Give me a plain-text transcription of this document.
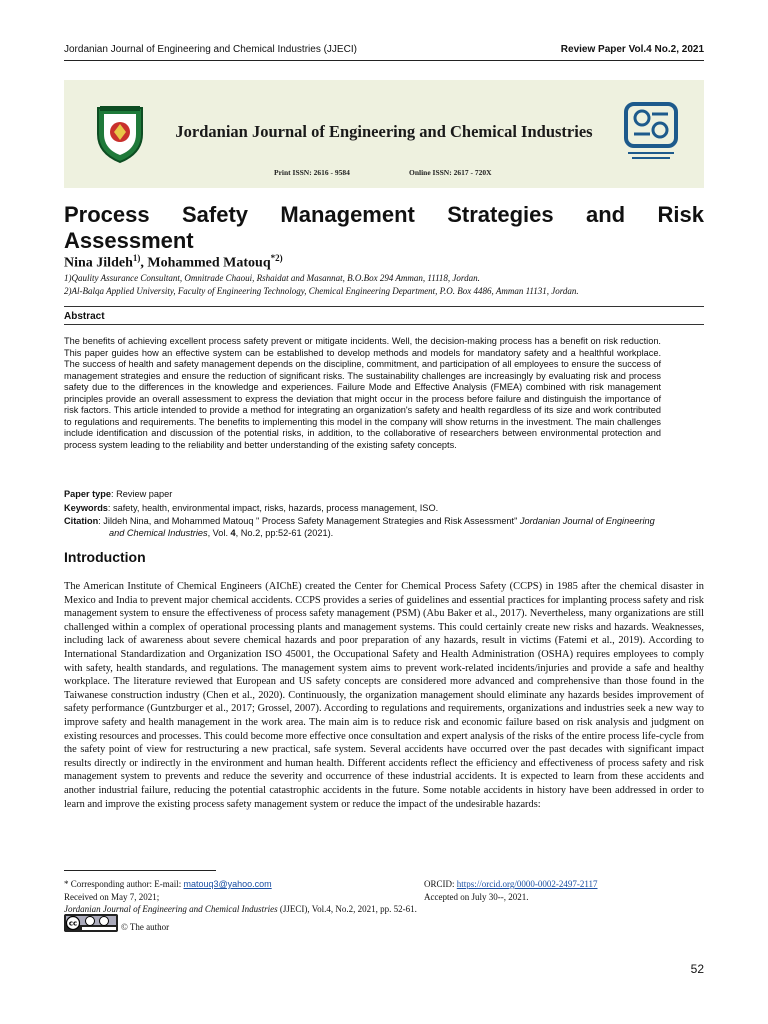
Jordanian Journal of Engineering and Chemical Industries (JJECI)	Review Paper Vol.4 No.2, 2021
Jordanian Journal of Engineering and Chemical Industries
Print ISSN: 2616 - 9584	Online ISSN: 2617 - 720X
Process Safety Management Strategies and Risk
Assessment
Nina Jildeh$^{1)}$, Mohammed Matouq$^{*2)}$
1)Qaulity Assurance Consultant, Omnitrade Chaoui, Rshaidat and Masannat, B.O.Box 294 Amman, 11118, Jordan.
2)Al-Balqa Applied University, Faculty of Engineering Technology, Chemical Engineering Department, P.O. Box 4486, Amman 11131, Jordan.
Abstract
The benefits of achieving excellent process safety prevent or mitigate incidents. Well, the decision-making process has a benefit on risk reduction. This paper guides how an effective system can be established to develop methods and models for mandatory safety and a healthful workplace. The success of health and safety management depends on the discipline, commitment, and participation of all employees to ensure the success of management strategies and ensure the reduction of significant risks. The sustainability challenges are increasingly by evaluating risk and process safety due to the differences in the knowledge and experiences. Failure Mode and Effective Analysis (FMEA) combined with risk management principles provide an overall assessment to express the deviation that might occur in the process before failure and distinguish the importance of risk factors. This article intended to provide a method for integrating an organization's safety and health regardless of its size and work contributed to regulations and requirements. The benefits to implementing this model in the company will show returns in the investment. The main challenges include identification and discussion of the potential risks, in addition, to the collaborative of researchers between environmental protection and process system leading to the reliability and better understanding of the existing safety concepts.
Paper type: Review paper
Keywords: safety, health, environmental impact, risks, hazards, process management, ISO.
Citation: Jildeh Nina, and Mohammed Matouq " Process Safety Management Strategies and Risk Assessment" Jordanian Journal of Engineering
and Chemical Industries, Vol. 4, No.2, pp:52-61 (2021).
Introduction
The American Institute of Chemical Engineers (AIChE) created the Center for Chemical Process Safety (CCPS) in 1985 after the chemical disaster in Mexico and India to prevent major chemical accidents. CCPS provides a series of guidelines and essential practices for implanting process safety and risk management system to ensure the effectiveness of process safety management (PSM) (Abu Baker et al., 2017). Nevertheless, many organizations are still challenged within a complex of operational processing plants and management systems. This could certainly create new risks and hazards. Weaknesses, including lack of awareness about severe chemical hazards and poor preparation of any hazards, result in victims (Fatemi et al., 2019). According to International Standardization and Organization ISO 45001, the Occupational Safety and Health Administration (OSHA) requires employees to comply with safety, health standards, and regulations. The management system aims to prevent work-related incidents/injuries and provide a safe and healthy workplace. The literature reviewed that European and US safety concepts are considered more advanced and comprehensive than those found in the Taiwanese construction industry (Chen et al., 2020). Continuously, the organization management should eliminate any hazards besides improvement of safety performance (Guntzburger et al., 2017; Grossel, 2007). According to regulations and requirements, organizations and industries seek a new way to improve safety and health management in the work area. The main aim is to reduce risk and economic failure based on risk analysis and judgment on existing resources and processes. This could become more effective once consultation and expert analysis of the risks of the entire process life-cycle from the safety point of view for restructuring a new practical, safe system. Several accidents have occurred over the past decades with significant impact results directly or indirectly in the environment and human health. Different accidents reflect the efficiency and effectiveness of process safety and risk management system to prevents and reduce the severity and occurrence of these industrial accidents. It is expected to learn from these accidents and another industrial failure, reducing the potential catastrophic accidents in the future. Some notable accidents in history have been addressed in order to learn and improve the existing process safety management system or reduce the impact of the undesirable hazards:
* Corresponding author: E-mail: matouq3@yahoo.com	ORCID: https://orcid.org/0000-0002-2497-2117
Received on May 7, 2021;	Accepted on July 30--, 2021.
Jordanian Journal of Engineering and Chemical Industries (JJECI), Vol.4, No.2, 2021, pp. 52-61.
cc	© The author
52
